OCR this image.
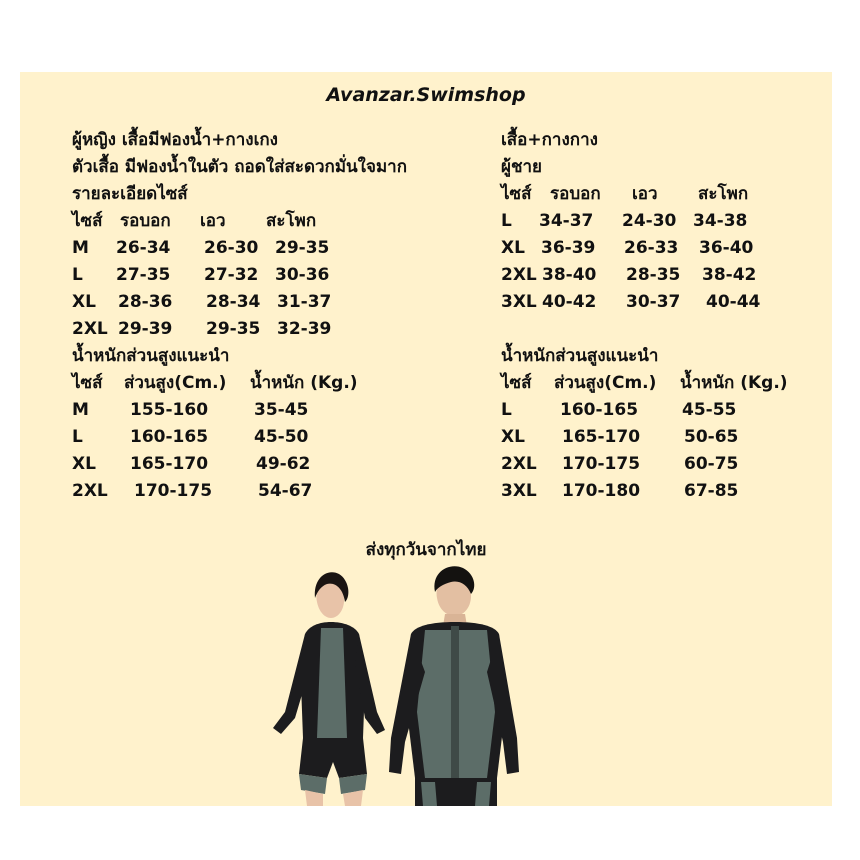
Avanzar.Swimshop
ผู้หญิง เสื้อมีฟองน้ำ+กางเกง
ตัวเสื้อ มีฟองน้ำในตัว ถอดใส่สะดวกมั่นใจมาก
รายละเอียดไซส์
ไซส์ รอบอก เอว สะโพก
M 26-34 26-30 29-35
L 27-35 27-32 30-36
XL 28-36 28-34 31-37
2XL 29-39 29-35 32-39
น้ำหนักส่วนสูงแนะนำ
ไซส์ ส่วนสูง(Cm.) น้ำหนัก (Kg.)
M 155-160	35-45
L	160-165	45-50
XL 165-170	49-62
2XL 170-175	54-67
เสื้อ+กางกาง
ผู้ชาย
ไซส์ รอบอก เอว สะโพก
L 34-37 24-30 34-38
XL 36-39 26-33 36-40
2XL 38-40 28-35 38-42
3XL 40-42 30-37 40-44
น้ำหนักส่วนสูงแนะนำ
ไซส์ ส่วนสูง(Cm.) น้ำหนัก (Kg.)
L	160-165	45-55
XL 165-170	50-65
2XL 170-175	60-75
3XL 170-180	67-85
ส่งทุกวันจากไทย
